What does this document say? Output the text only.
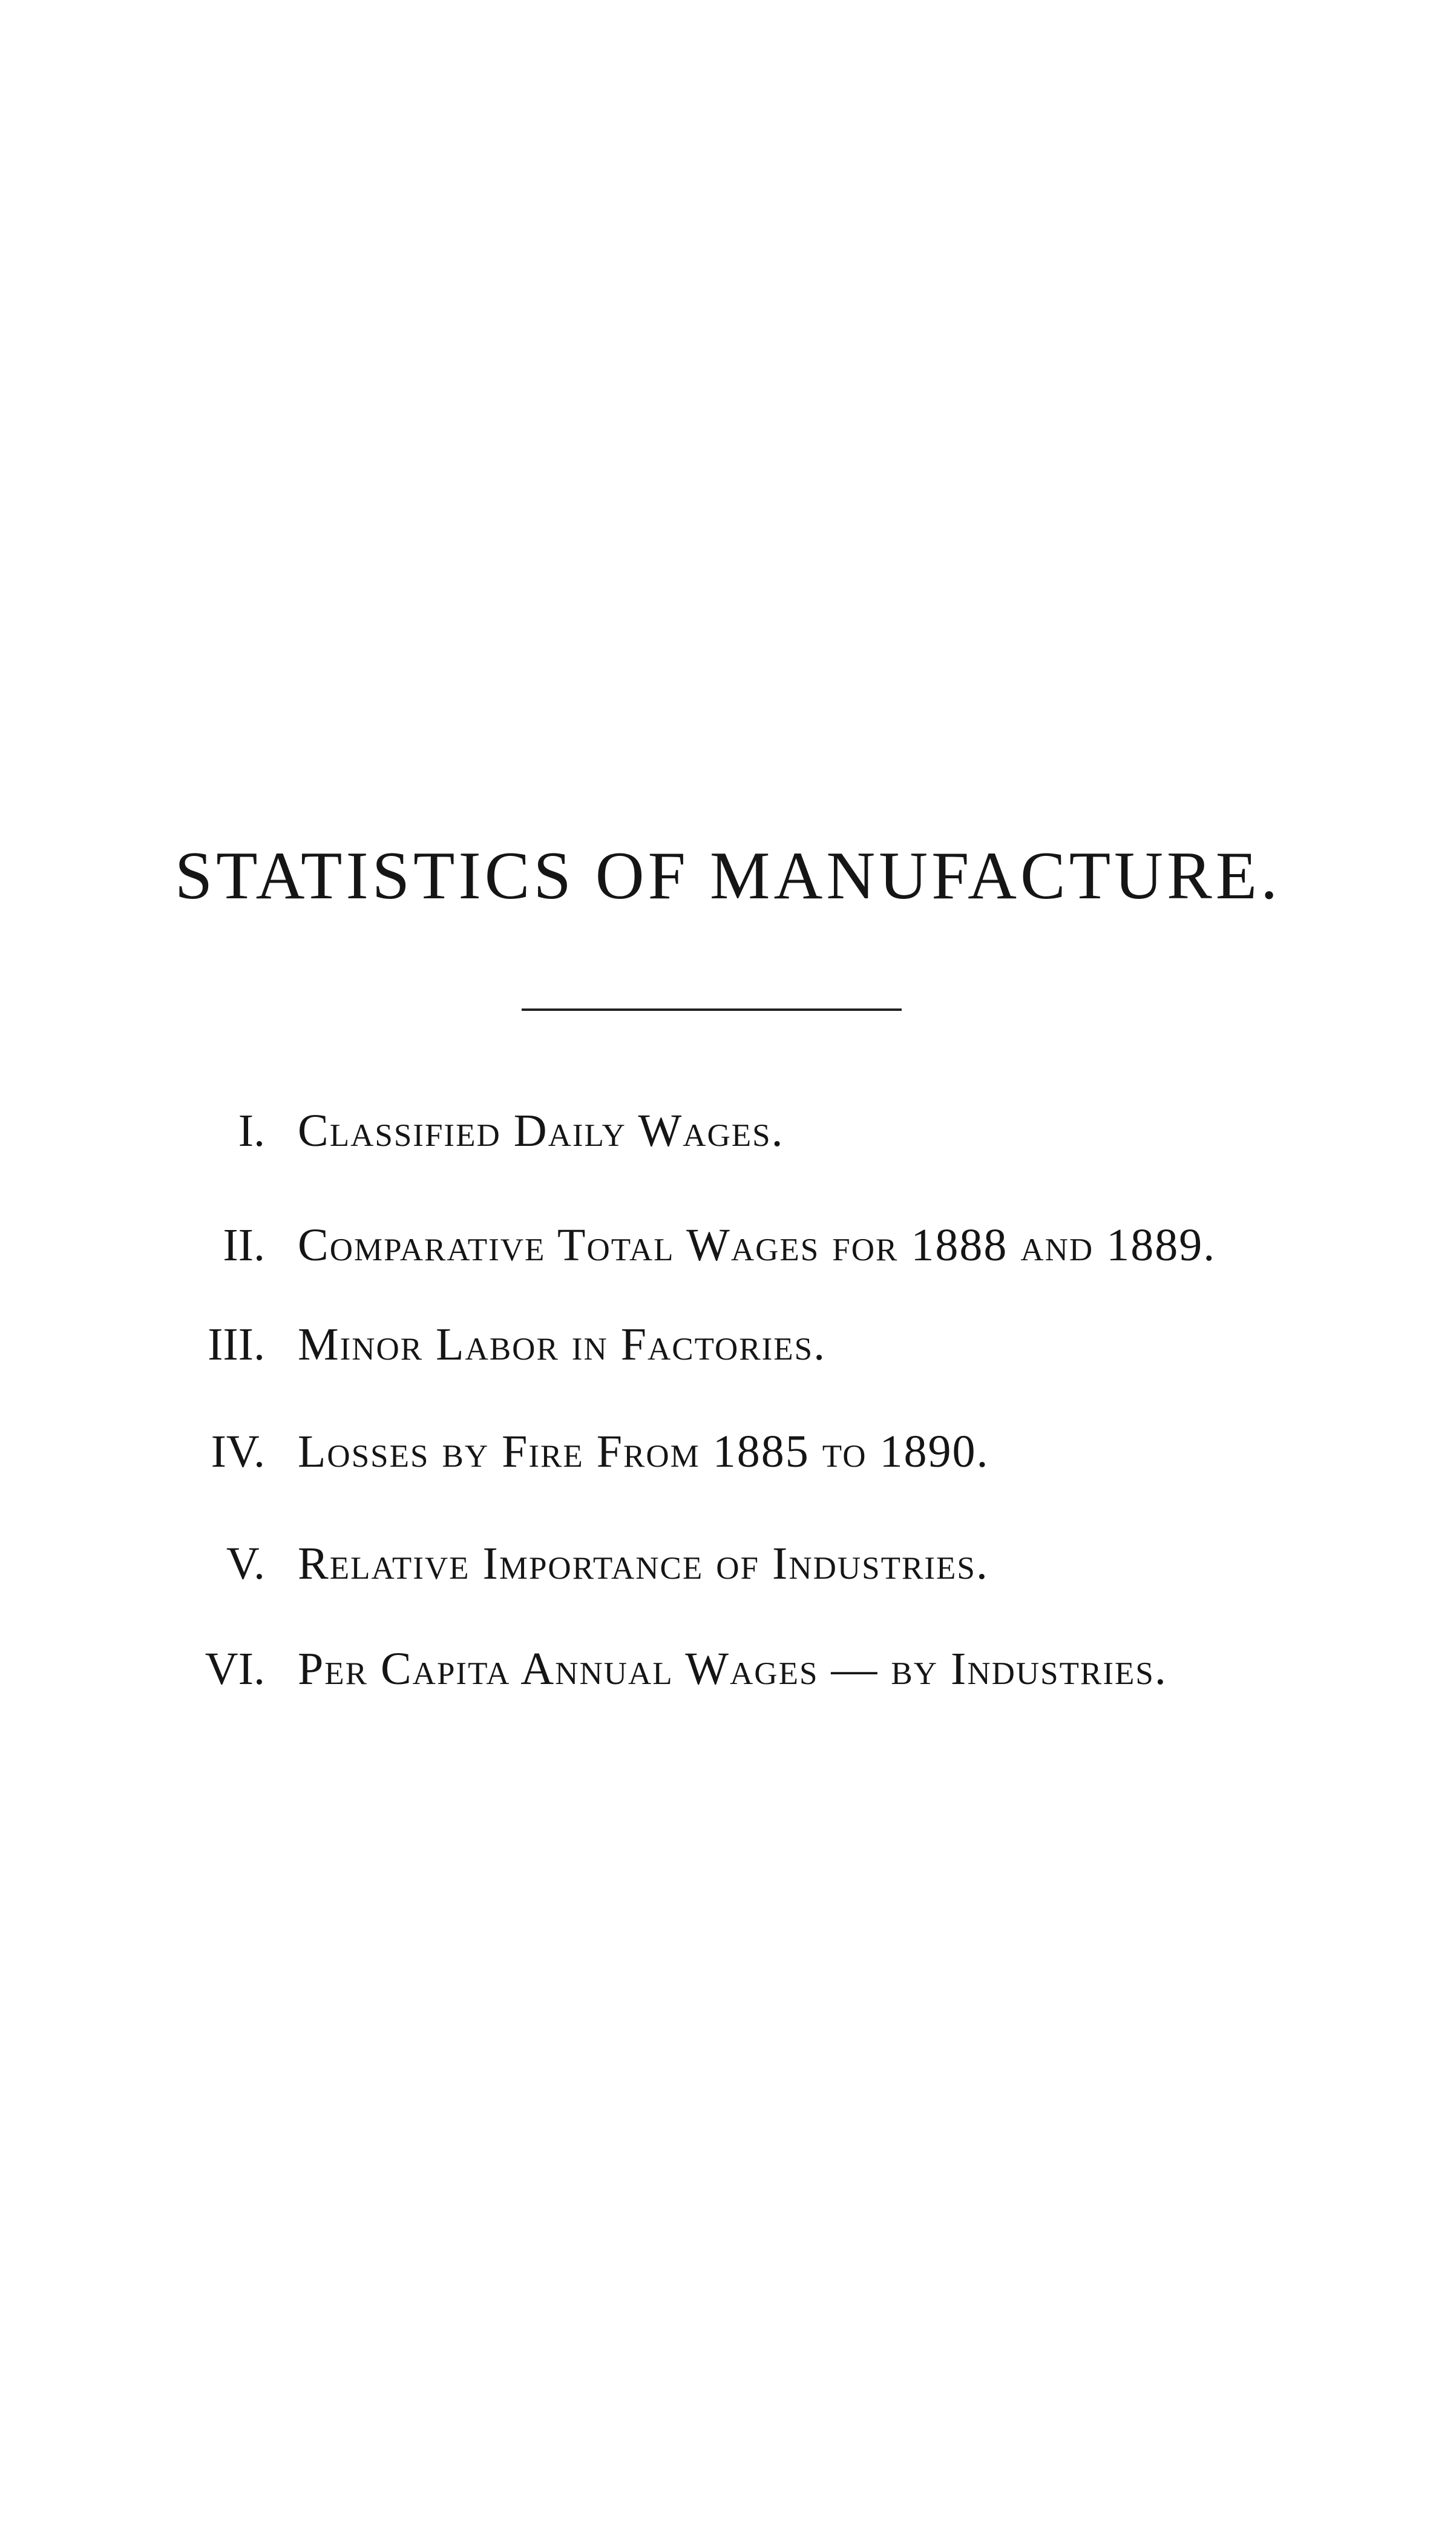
STATISTICS OF MANUFACTURE.
I. Classified Daily Wages.
II. Comparative Total Wages for 1888 and 1889.
III. Minor Labor in Factories.
IV. Losses by Fire From 1885 to 1890.
V. Relative Importance of Industries.
VI. Per Capita Annual Wages — by Industries.
